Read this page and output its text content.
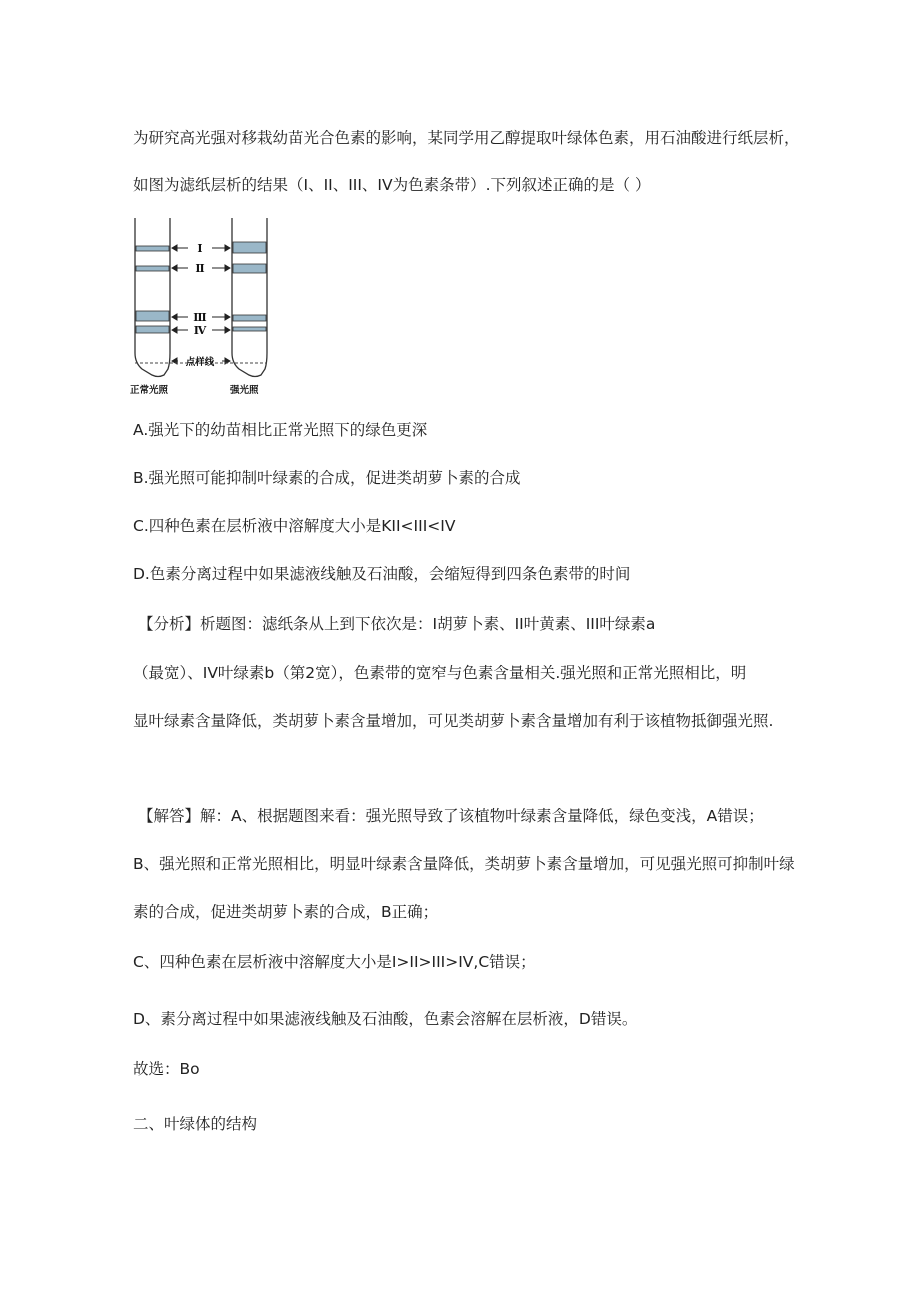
为研究高光强对移栽幼苗光合色素的影响，某同学用乙醇提取叶绿体色素，用石油酸进行纸层析，
如图为滤纸层析的结果（I、II、III、IV为色素条带）.下列叙述正确的是（ ）
Ⅰ
Ⅱ
Ⅲ
Ⅳ
点样线
正常光照	强光照
A.强光下的幼苗相比正常光照下的绿色更深
B.强光照可能抑制叶绿素的合成，促进类胡萝卜素的合成
C.四种色素在层析液中溶解度大小是KII<III<IV
D.色素分离过程中如果滤液线触及石油酸，会缩短得到四条色素带的时间
【分析】析题图：滤纸条从上到下依次是：I胡萝卜素、II叶黄素、III叶绿素a
（最宽）、IV叶绿素b（第2宽），色素带的宽窄与色素含量相关.强光照和正常光照相比，明
显叶绿素含量降低，类胡萝卜素含量增加，可见类胡萝卜素含量增加有利于该植物抵御强光照.
【解答】解：A、根据题图来看：强光照导致了该植物叶绿素含量降低，绿色变浅，A错误；
B、强光照和正常光照相比，明显叶绿素含量降低，类胡萝卜素含量增加，可见强光照可抑制叶绿
素的合成，促进类胡萝卜素的合成，B正确；
C、四种色素在层析液中溶解度大小是I>II>III>IV,C错误；
D、素分离过程中如果滤液线触及石油酸，色素会溶解在层析液，D错误。
故选：Bo
二、叶绿体的结构
